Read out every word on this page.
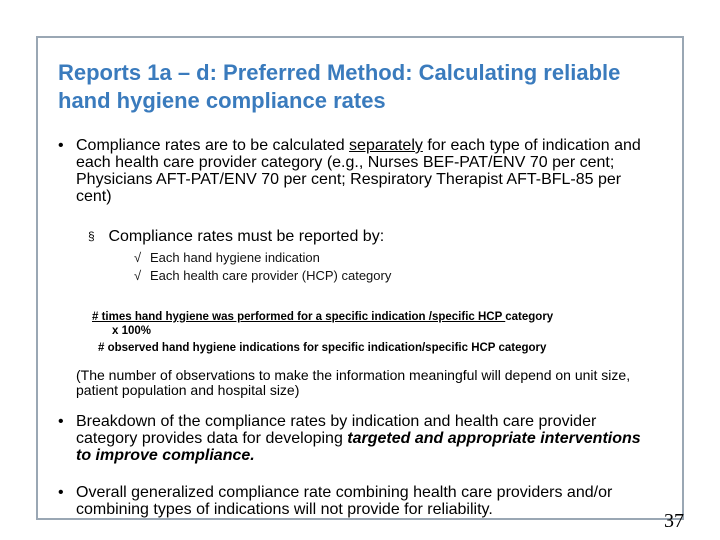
Reports 1a – d: Preferred Method: Calculating reliable hand hygiene compliance rates
• Compliance rates are to be calculated separately for each type of indication and each health care provider category (e.g., Nurses BEF-PAT/ENV 70 per cent; Physicians AFT-PAT/ENV 70 per cent; Respiratory Therapist AFT-BFL-85 per cent)
§ Compliance rates must be reported by:
√ Each hand hygiene indication
√ Each health care provider (HCP) category
# times hand hygiene was performed for a specific indication /specific HCP category
x 100%
# observed hand hygiene indications for specific indication/specific HCP category
(The number of observations to make the information meaningful will depend on unit size, patient population and hospital size)
• Breakdown of the compliance rates by indication and health care provider category provides data for developing targeted and appropriate interventions to improve compliance.
• Overall generalized compliance rate combining health care providers and/or combining types of indications will not provide for reliability.
37
